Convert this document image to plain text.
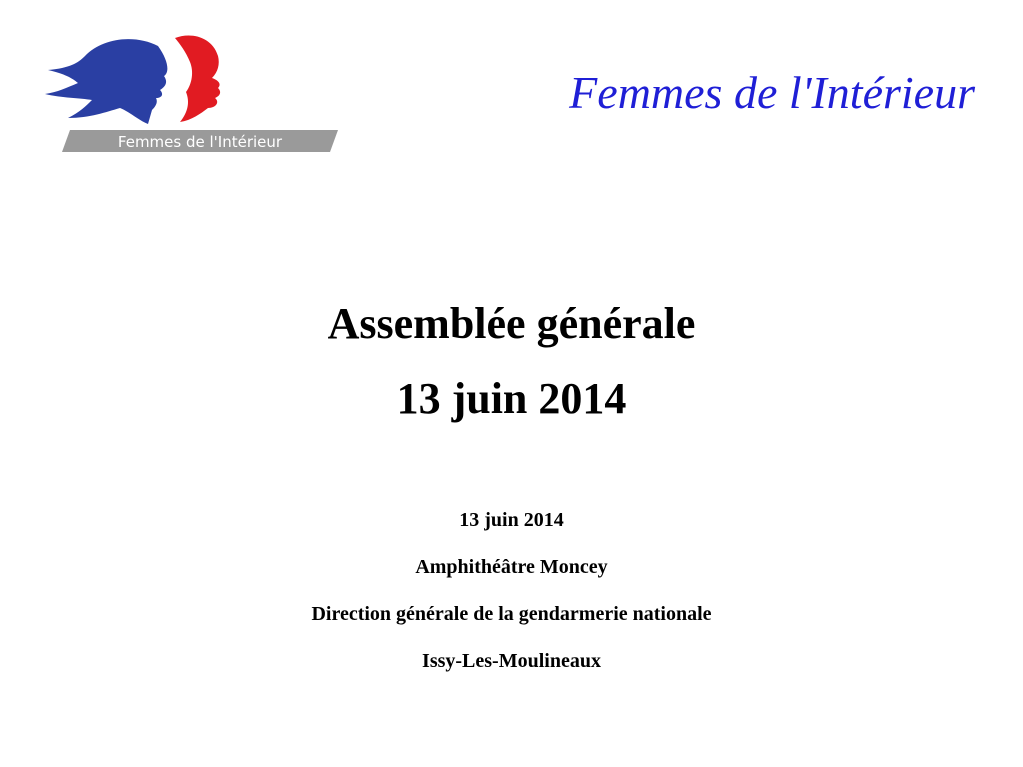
Femmes de l'Intérieur
Femmes de l'Intérieur
Assemblée générale
13 juin 2014
13 juin 2014
Amphithéâtre Moncey
Direction générale de la gendarmerie nationale
Issy-Les-Moulineaux
